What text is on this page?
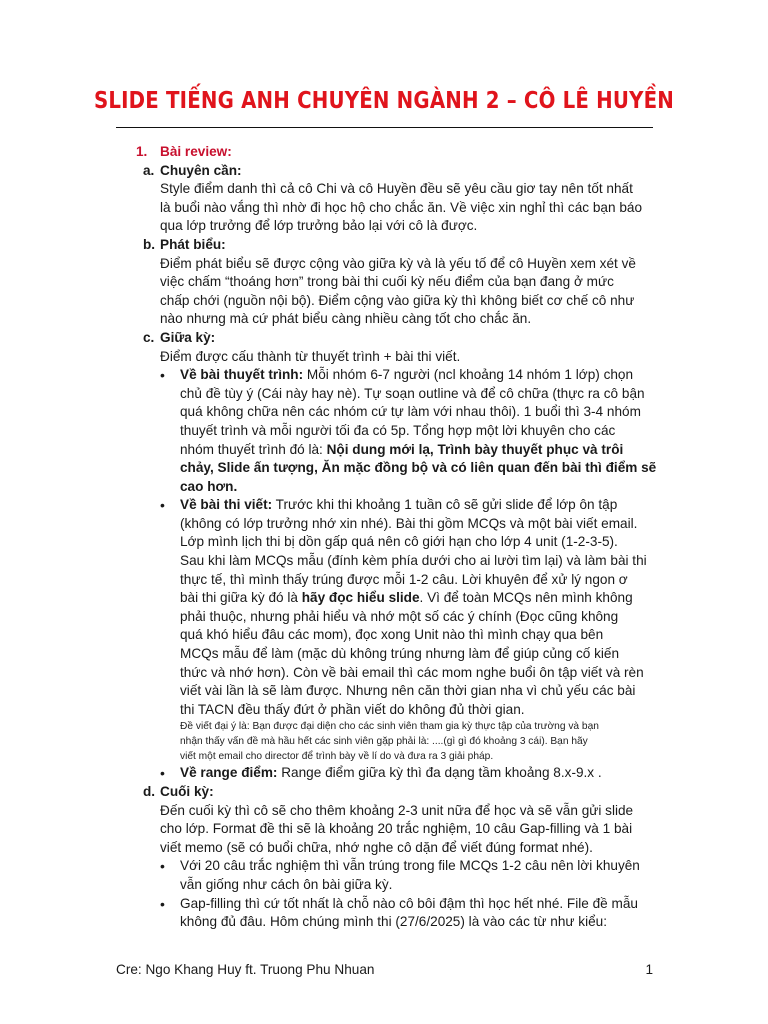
SLIDE TIẾNG ANH CHUYÊN NGÀNH 2 – CÔ LÊ HUYỀN
1. Bài review:
a. Chuyên cần:
Style điểm danh thì cả cô Chi và cô Huyền đều sẽ yêu cầu giơ tay nên tốt nhất
là buổi nào vắng thì nhờ đi học hộ cho chắc ăn. Về việc xin nghỉ thì các bạn báo
qua lớp trưởng để lớp trưởng bảo lại với cô là được.
b. Phát biểu:
Điểm phát biểu sẽ được cộng vào giữa kỳ và là yếu tố để cô Huyền xem xét về
việc chấm “thoáng hơn” trong bài thi cuối kỳ nếu điểm của bạn đang ở mức
chấp chới (nguồn nội bộ). Điểm cộng vào giữa kỳ thì không biết cơ chế cô như
nào nhưng mà cứ phát biểu càng nhiều càng tốt cho chắc ăn.
c. Giữa kỳ:
Điểm được cấu thành từ thuyết trình + bài thi viết.
• Về bài thuyết trình: Mỗi nhóm 6-7 người (ncl khoảng 14 nhóm 1 lớp) chọn
chủ đề tùy ý (Cái này hay nè). Tự soạn outline và để cô chữa (thực ra cô bận
quá không chữa nên các nhóm cứ tự làm với nhau thôi). 1 buổi thì 3-4 nhóm
thuyết trình và mỗi người tối đa có 5p. Tổng hợp một lời khuyên cho các
nhóm thuyết trình đó là: Nội dung mới lạ, Trình bày thuyết phục và trôi
chảy, Slide ấn tượng, Ăn mặc đồng bộ và có liên quan đến bài thì điểm sẽ
cao hơn.
• Về bài thi viết: Trước khi thi khoảng 1 tuần cô sẽ gửi slide để lớp ôn tập
(không có lớp trưởng nhớ xin nhé). Bài thi gồm MCQs và một bài viết email.
Lớp mình lịch thi bị dồn gấp quá nên cô giới hạn cho lớp 4 unit (1-2-3-5).
Sau khi làm MCQs mẫu (đính kèm phía dưới cho ai lười tìm lại) và làm bài thi
thực tế, thì mình thấy trúng được mỗi 1-2 câu. Lời khuyên để xử lý ngon ơ
bài thi giữa kỳ đó là hãy đọc hiểu slide. Vì để toàn MCQs nên mình không
phải thuộc, nhưng phải hiểu và nhớ một số các ý chính (Đọc cũng không
quá khó hiểu đâu các mom), đọc xong Unit nào thì mình chạy qua bên
MCQs mẫu để làm (mặc dù không trúng nhưng làm để giúp củng cố kiến
thức và nhớ hơn). Còn về bài email thì các mom nghe buổi ôn tập viết và rèn
viết vài lần là sẽ làm được. Nhưng nên căn thời gian nha vì chủ yếu các bài
thi TACN đều thấy đứt ở phần viết do không đủ thời gian.
Đề viết đại ý là: Bạn được đại diện cho các sinh viên tham gia kỳ thực tập của trường và bạn
nhận thấy vấn đề mà hầu hết các sinh viên gặp phải là: ....(gì gì đó khoảng 3 cái). Bạn hãy
viết một email cho director để trình bày về lí do và đưa ra 3 giải pháp.
• Về range điểm: Range điểm giữa kỳ thì đa dạng tầm khoảng 8.x-9.x .
d. Cuối kỳ:
Đến cuối kỳ thì cô sẽ cho thêm khoảng 2-3 unit nữa để học và sẽ vẫn gửi slide
cho lớp. Format đề thi sẽ là khoảng 20 trắc nghiệm, 10 câu Gap-filling và 1 bài
viết memo (sẽ có buổi chữa, nhớ nghe cô dặn để viết đúng format nhé).
• Với 20 câu trắc nghiệm thì vẫn trúng trong file MCQs 1-2 câu nên lời khuyên
vẫn giống như cách ôn bài giữa kỳ.
• Gap-filling thì cứ tốt nhất là chỗ nào cô bôi đậm thì học hết nhé. File đề mẫu
không đủ đâu. Hôm chúng mình thi (27/6/2025) là vào các từ như kiểu:
Cre: Ngo Khang Huy ft. Truong Phu Nhuan	1
